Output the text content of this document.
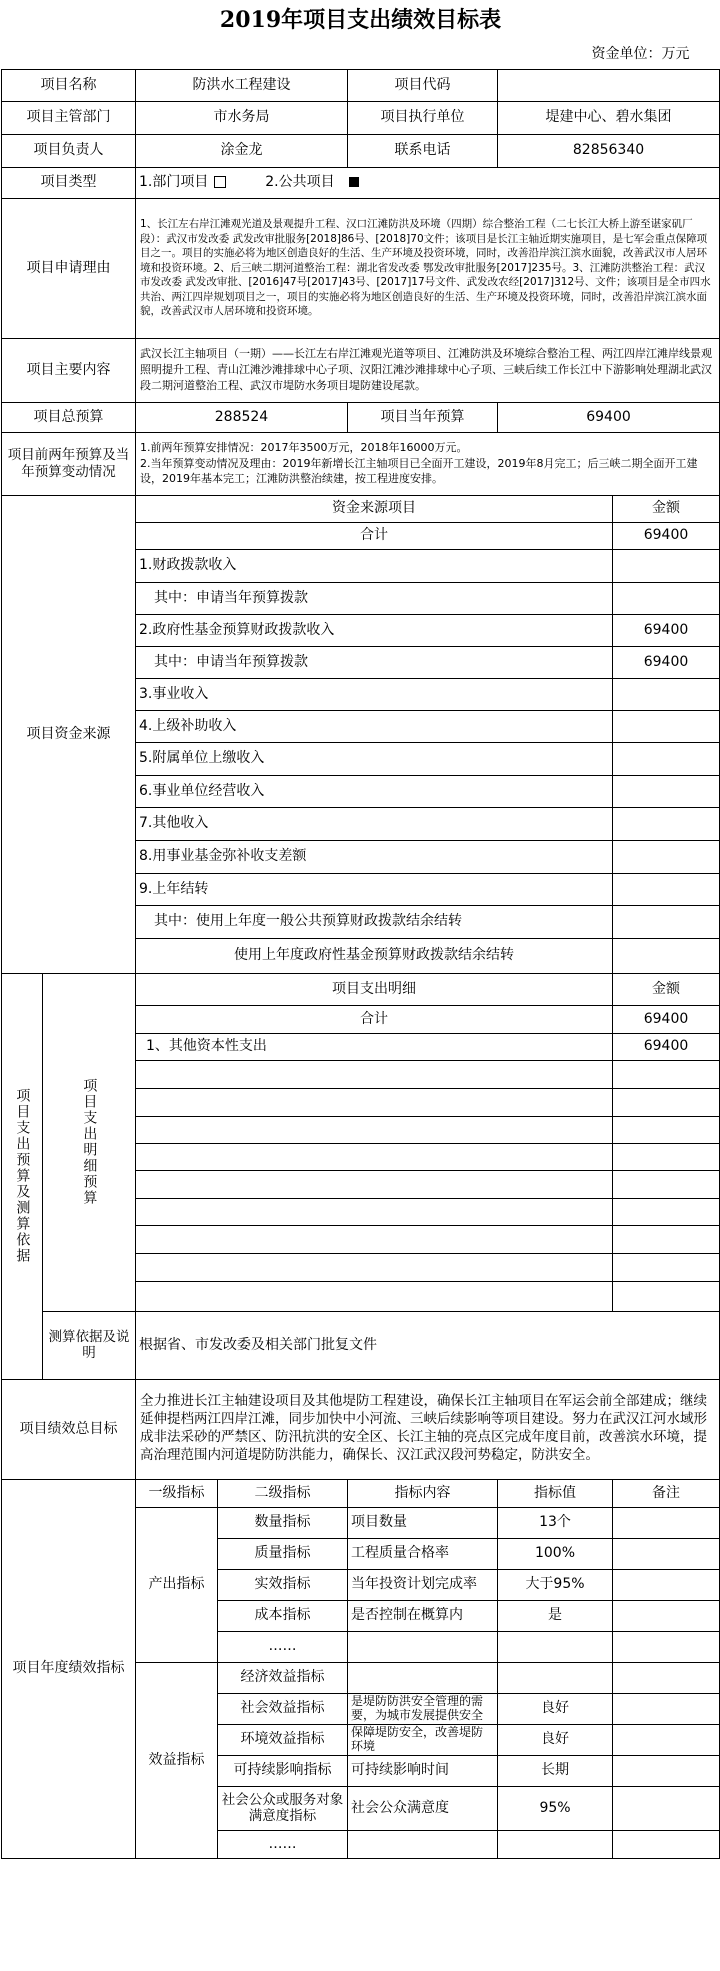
2019年项目支出绩效目标表						
资金单位：万元						
项目名称		防洪水工程建设		项目代码		
项目主管部门		市水务局		项目执行单位	堤建中心、碧水集团	
项目负责人		涂金龙		联系电话	82856340	
项目类型		1.部门项目 2.公共项目				
项目申请理由		1、长江左右岸江滩观光道及景观提升工程、汉口江滩防洪及环境（四期）综合整治工程（二七长江大桥上游至谌家矶厂段）：武汉市发改委 武发改审批服务[2018]86号、[2018]70文件；该项目是长江主轴近期实施项目，是七军会重点保障项目之一。项目的实施必将为地区创造良好的生活、生产环境及投资环境，同时，改善沿岸滨江滨水面貌，改善武汉市人居环境和投资环境。2、后三峡二期河道整治工程：湖北省发改委 鄂发改审批服务[2017]235号。3、江滩防洪整治工程：武汉市发改委 武发改审批、[2016]47号[2017]43号、[2017]17号文件、武发改农经[2017]312号、文件；该项目是全市四水共治、两江四岸规划项目之一，项目的实施必将为地区创造良好的生活、生产环境及投资环境，同时，改善沿岸滨江滨水面貌，改善武汉市人居环境和投资环境。				
项目主要内容		武汉长江主轴项目（一期）——长江左右岸江滩观光道等项目、江滩防洪及环境综合整治工程、两江四岸江滩岸线景观照明提升工程、青山江滩沙滩排球中心子项、汉阳江滩沙滩排球中心子项、三峡后续工作长江中下游影响处理湖北武汉段二期河道整治工程、武汉市堤防水务项目堤防建设尾款。				
项目总预算		288524		项目当年预算	69400	
项目前两年预算及当年预算变动情况		1.前两年预算安排情况：2017年3500万元，2018年16000万元。
2.当年预算变动情况及理由：2019年新增长江主轴项目已全面开工建设，2019年8月完工；后三峡二期全面开工建设，2019年基本完工；江滩防洪整治续建，按工程进度安排。				

项目资金来源		资金来源项目				金额
		合计				69400
		1.财政拨款收入				
		其中：申请当年预算拨款				
		2.政府性基金预算财政拨款收入				69400
		其中：申请当年预算拨款				69400
		3.事业收入				
		4.上级补助收入				
		5.附属单位上缴收入				
		6.事业单位经营收入				
		7.其他收入				
		8.用事业基金弥补收支差额				
		9.上年结转				
		其中：使用上年度一般公共预算财政拨款结余结转				
		使用上年度政府性基金预算财政拨款结余结转				

项目支出预算及测算依据	项目支出明细预算	项目支出明细				金额
		合计				69400
		1、其他资本性支出				69400

	测算依据及说明	根据省、市发改委及相关部门批复文件				

项目绩效总目标		全力推进长江主轴建设项目及其他堤防工程建设，确保长江主轴项目在军运会前全部建成；继续延伸提档两江四岸江滩，同步加快中小河流、三峡后续影响等项目建设。努力在武汉江河水域形成非法采砂的严禁区、防汛抗洪的安全区、长江主轴的亮点区完成年度目前，改善滨水环境，提高治理范围内河道堤防防洪能力，确保长、汉江武汉段河势稳定，防洪安全。				
项目年度绩效指标		一级指标	二级指标	指标内容	指标值	备注
		产出指标	数量指标	项目数量	13个	
			质量指标	工程质量合格率	100%	
			实效指标	当年投资计划完成率	大于95%	
			成本指标	是否控制在概算内	是	
			……			
		效益指标	经济效益指标			
			社会效益指标	是堤防防洪安全管理的需要，为城市发展提供安全	良好	
			环境效益指标	保障堤防安全，改善堤防环境	良好	
			可持续影响指标	可持续影响时间	长期	
			社会公众或服务对象满意度指标	社会公众满意度	95%	
			……			
